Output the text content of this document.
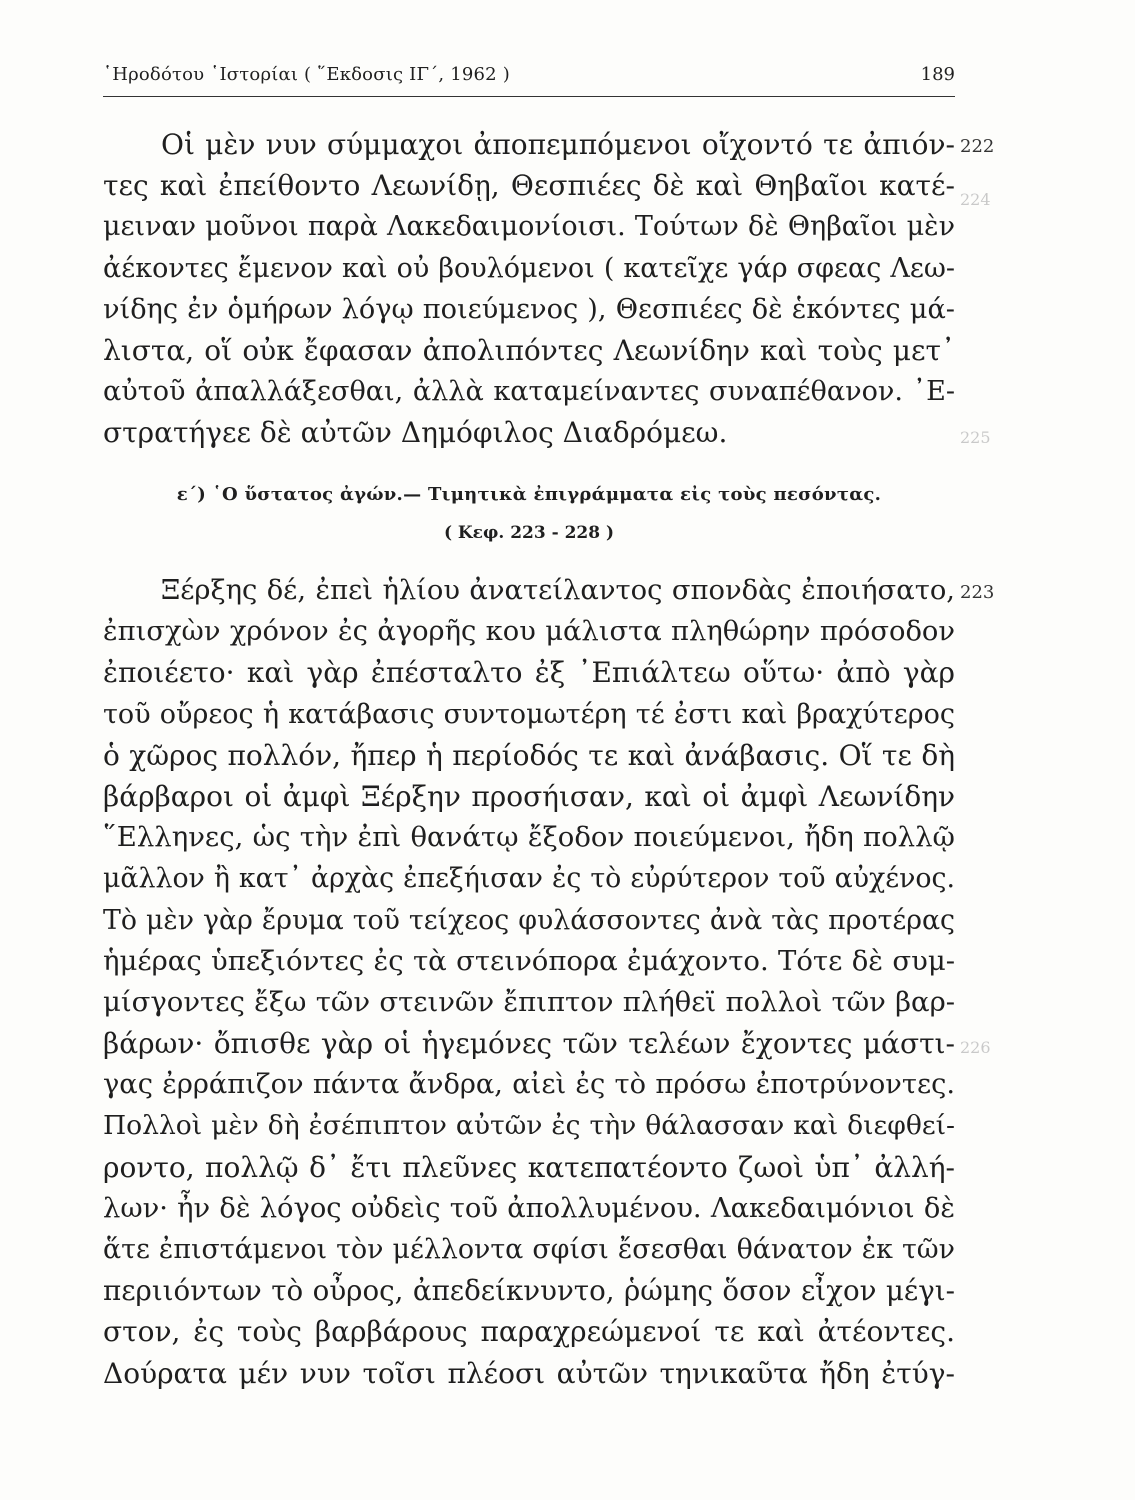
῾Ηροδότου ῾Ιστορίαι ( ῞Εκδοσις ΙΓ΄, 1962 )	189
224
225
226
222
Οἱ μὲν νυν σύμμαχοι ἀποπεμπόμενοι οἴχοντό τε ἀπιόν-
τες καὶ ἐπείθοντο Λεωνίδῃ, Θεσπιέες δὲ καὶ Θηβαῖοι κατέ-
μειναν μοῦνοι παρὰ Λακεδαιμονίοισι. Τούτων δὲ Θηβαῖοι μὲν
ἀέκοντες ἔμενον καὶ οὐ βουλόμενοι ( κατεῖχε γάρ σφεας Λεω-
νίδης ἐν ὁμήρων λόγῳ ποιεύμενος ), Θεσπιέες δὲ ἑκόντες μά-
λιστα, οἵ οὐκ ἔφασαν ἀπολιπόντες Λεωνίδην καὶ τοὺς μετ᾽
αὐτοῦ ἀπαλλάξεσθαι, ἀλλὰ καταμείναντες συναπέθανον. ᾽Ε-
στρατήγεε δὲ αὐτῶν Δημόφιλος Διαδρόμεω.
ε΄) ῾Ο ὕστατος ἀγών.— Τιμητικὰ ἐπιγράμματα εἰς τοὺς πεσόντας.
( Κεφ. 223 - 228 )
223
Ξέρξης δέ, ἐπεὶ ἡλίου ἀνατείλαντος σπονδὰς ἐποιήσατο,
ἐπισχὼν χρόνον ἐς ἀγορῆς κου μάλιστα πληθώρην πρόσοδον
ἐποιέετο· καὶ γὰρ ἐπέσταλτο ἐξ ᾽Επιάλτεω οὕτω· ἀπὸ γὰρ
τοῦ οὔρεος ἡ κατάβασις συντομωτέρη τέ ἐστι καὶ βραχύτερος
ὁ χῶρος πολλόν, ἤπερ ἡ περίοδός τε καὶ ἀνάβασις. Οἵ τε δὴ
βάρβαροι οἱ ἀμφὶ Ξέρξην προσήισαν, καὶ οἱ ἀμφὶ Λεωνίδην
῞Ελληνες, ὡς τὴν ἐπὶ θανάτῳ ἔξοδον ποιεύμενοι, ἤδη πολλῷ
μᾶλλον ἢ κατ᾽ ἀρχὰς ἐπεξήισαν ἐς τὸ εὐρύτερον τοῦ αὐχένος.
Τὸ μὲν γὰρ ἔρυμα τοῦ τείχεος φυλάσσοντες ἀνὰ τὰς προτέρας
ἡμέρας ὑπεξιόντες ἐς τὰ στεινόπορα ἐμάχοντο. Τότε δὲ συμ-
μίσγοντες ἔξω τῶν στεινῶν ἔπιπτον πλήθεϊ πολλοὶ τῶν βαρ-
βάρων· ὄπισθε γὰρ οἱ ἡγεμόνες τῶν τελέων ἔχοντες μάστι-
γας ἐρράπιζον πάντα ἄνδρα, αἰεὶ ἐς τὸ πρόσω ἐποτρύνοντες.
Πολλοὶ μὲν δὴ ἐσέπιπτον αὐτῶν ἐς τὴν θάλασσαν καὶ διεφθεί-
ροντο, πολλῷ δ᾽ ἔτι πλεῦνες κατεπατέοντο ζωοὶ ὑπ᾽ ἀλλή-
λων· ἦν δὲ λόγος οὐδεὶς τοῦ ἀπολλυμένου. Λακεδαιμόνιοι δὲ
ἅτε ἐπιστάμενοι τὸν μέλλοντα σφίσι ἔσεσθαι θάνατον ἐκ τῶν
περιιόντων τὸ οὖρος, ἀπεδείκνυντο, ῥώμης ὅσον εἶχον μέγι-
στον, ἐς τοὺς βαρβάρους παραχρεώμενοί τε καὶ ἀτέοντες.
Δούρατα μέν νυν τοῖσι πλέοσι αὐτῶν τηνικαῦτα ἤδη ἐτύγ-
